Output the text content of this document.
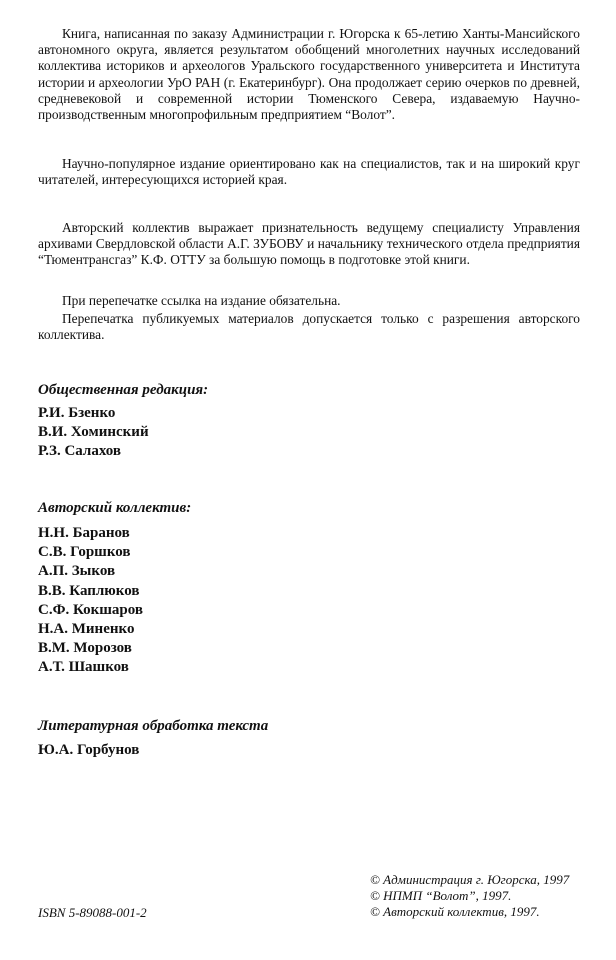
Книга, написанная по заказу Администрации г. Югорска к 65-летию Ханты-Мансийского автономного округа, является результатом обобщений многолетних научных исследований коллектива историков и археологов Уральского государственного университета и Института истории и археологии УрО РАН (г. Екатеринбург). Она продолжает серию очерков по древней, средневековой и современной истории Тюменского Севера, издаваемую Научно-производственным многопрофильным предприятием “Волот”.

Научно-популярное издание ориентировано как на специалистов, так и на широкий круг читателей, интересующихся историей края.

Авторский коллектив выражает признательность ведущему специалисту Управления архивами Свердловской области А.Г. ЗУБОВУ и начальнику технического отдела предприятия “Тюментрансгаз” К.Ф. ОТТУ за большую помощь в подготовке этой книги.

При перепечатке ссылка на издание обязательна.

Перепечатка публикуемых материалов допускается только с разрешения авторского коллектива.

Общественная редакция:

Р.И. Бзенко
В.И. Хоминский
Р.З. Салахов

Авторский коллектив:

Н.Н. Баранов
С.В. Горшков
А.П. Зыков
В.В. Каплюков
С.Ф. Кокшаров
Н.А. Миненко
В.М. Морозов
А.Т. Шашков

Литературная обработка текста

Ю.А. Горбунов

ISBN 5-89088-001-2

© Администрация г. Югорска, 1997
© НПМП “Волот”, 1997.
© Авторский коллектив, 1997.
